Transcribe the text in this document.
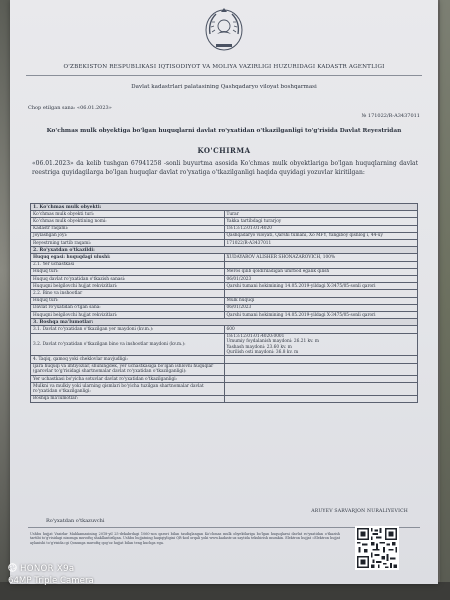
O'ZBEKISTON RESPUBLIKASI IQTISODIYOT VA MOLIYA VAZIRLIGI HUZURIDAGI KADASTR AGENTLIGI
Davlat kadastrlari palatasining Qashqadaryo viloyat boshqarmasi
Chop etilgan sana: «06.01.2023»
№ 171022/R-A3437011
Ko'chmas mulk obyektiga bo'lgan huquqlarni davlat ro'yxatidan o'tkazilganligi to'g'risida Davlat Reyestridan
KO'CHIRMA
«06.01.2023» da kelib tushgan 67941258 -sonli buyurtma asosida Ko'chmas mulk obyektlariga bo'lgan huquqlarning davlat reestriga quyidagilarga bo'lgan huquqlar davlat ro'yxatiga o'tkazilganligi haqida quyidagi yozuvlar kiritilgan:
1. Ko'chmas mulk obyekti:	
Ko'chmas mulk obyekti turi:	Turar
Ko'chmas mulk obyektining nomi:	Yakka tartibdagi turarjoy
Kadastr raqami:	18:13:12:01:01:4020
Joylashgan joyi:	Qashqadaryo viloyati, Qarshi tumani, Xo MFY, Yangiboy qishlog i, 44-uy
Reyestrning tartib raqami:	171022/R-A3437011
2. Ro'yxatdan o'tkazildi:	
Huquq egasi: huquqdagi ulushi:	XUDAYAROV ALISHER SHONAZAROVICH, 100%
2.1. Yer uchastkasi	
Huquq turi:	Meros qilib qoldiriladigan umrbod egalik qilish
Huquq davlat ro'yxatidan o'tkazish sanasi:	06/01/2023
Huquqni belgilovchi hujjat rekvizitlari:	Qarshi tumani hokimining 14.05.2019-yildagi X-3475/05-sonli qarori
2.2. Bino va inshootlar	
Huquq turi:	Mulk huquqi
Davlat ro'yxatidan o'tgan sana:	06/01/2023
Huquqni belgilovchi hujjat rekvizitlari:	Qarshi tumani hokimining 14.05.2019-yildagi X-3475/05-sonli qarori
3. Boshqa ma'lumotlar:	
3.1. Davlat ro'yxatidan o'tkazilgan yer maydoni (kv.m.):	600
3.2. Davlat ro'yxatidan o'tkazilgan bino va inshootlar maydoni (kv.m.):	18:13:12:01:01:4020:0001
Umumiy foydalanish maydoni: 26.21 kv. m
Yashash maydoni: 23.60 kv. m
Qurilish osti maydoni: 36.8 kv. m
4. Taqiq, qamoq yoki cheklovlar mavjudligi:	
Ijara huquqi va imtiyozlar, shuningdek, yer uchastkasiga bo'lgan ishlovni huquqlar (garovlar to'g'risidagi shartnomalar davlat ro'yxatidan o'tkazilganligi):	
Yer uchastkasi bo'yicha sotuvlar davlat ro'yxatidan o'tkazilganligi:	
Mulkni va mulkiy yoki ularning qismlari bo'yicha tuzilgan shartnomalar davlat ro'yxatidan o'tkazilganligi:	
Boshqa ma'lumotlar:	
ARUYEV SARVARJON NURALIYEVICH
Ro'yxatdan o'tkazuvchi
Ushbu hujjat Vazirlar Mahkamasining 2018-yil 25-dekabrdagi 1060-son qarori bilan tasdiqlangan Ko'chmas mulk obyektlariga bo'lgan huquqlarni davlat ro'yxatidan o'tkazish tartibi to'g'risidagi nizomga muvofiq shakllantirilgan. Ushbu hujjatning haqiqiyligini QR-kod orqali yoki www.kadastr.uz saytida tekshirish mumkin. Elektron hujjat «Elektron hujjat aylanishi to'g'risida»gi Qonunga muvofiq qog'oz hujjat bilan teng kuchga ega.
HONOR X9a
64MP Triple Camera
